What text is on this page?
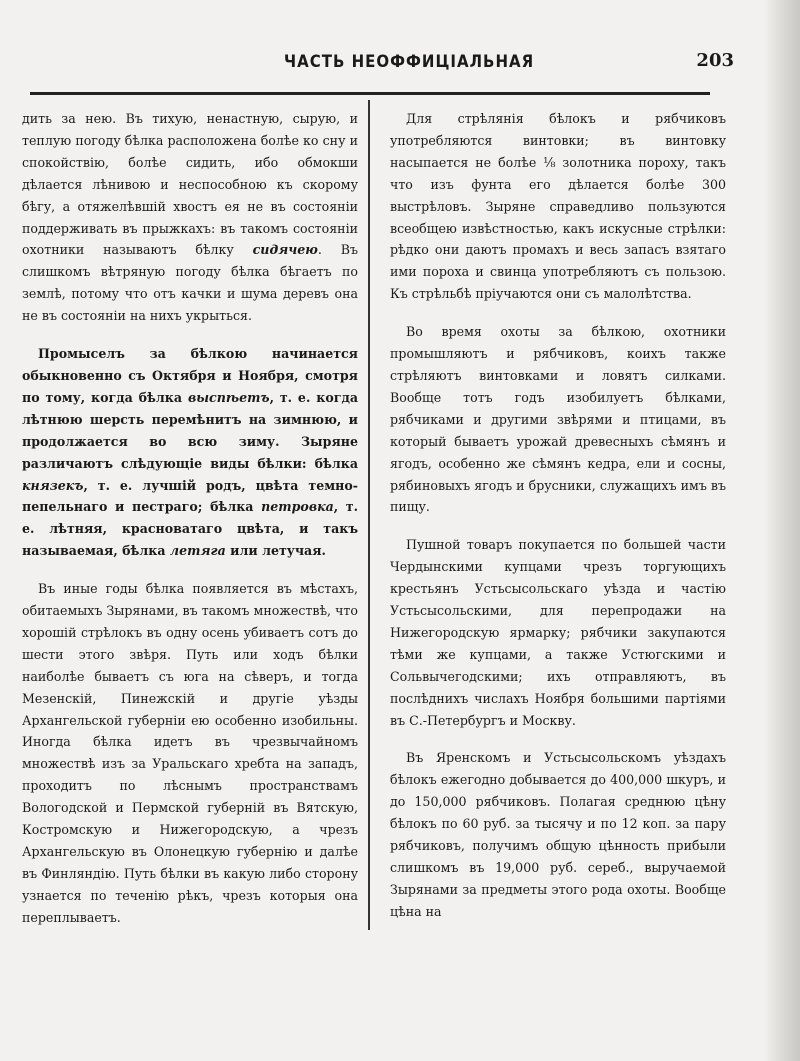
ЧАСТЬ НЕОФФИЦIАЛЬНАЯ	203

дить за нею. Въ тихую, ненастную, сырую, и теплую погоду бѣлка расположена болѣе ко сну и спокойствiю, болѣе сидить, ибо обмокши дѣлается лѣнивою и неспособною къ скорому бѣгу, а отяжелѣвшiй хвостъ ея не въ состоянiи поддерживать въ прыжкахъ: въ такомъ состоянiи охотники называютъ бѣлку сидячею. Въ слишкомъ вѣтряную погоду бѣлка бѣгаетъ по землѣ, потому что отъ качки и шума деревъ она не въ состоянiи на нихъ укрыться.

Промыселъ за бѣлкою начинается обыкновенно съ Октября и Ноября, смотря по тому, когда бѣлка выспѣетъ, т. е. когда лѣтнюю шерсть перемѣнитъ на зимнюю, и продолжается во всю зиму. Зыряне различаютъ слѣдующiе виды бѣлки: бѣлка князекъ, т. е. лучшiй родъ, цвѣта темно-пепельнаго и пестраго; бѣлка петровка, т. е. лѣтняя, красноватаго цвѣта, и такъ называемая, бѣлка летяга или летучая.

Въ иные годы бѣлка появляется въ мѣстахъ, обитаемыхъ Зырянами, въ такомъ множествѣ, что хорошiй стрѣлокъ въ одну осень убиваетъ сотъ до шести этого звѣря. Путь или ходъ бѣлки наиболѣе бываетъ съ юга на сѣверъ, и тогда Мезенскiй, Пинежскiй и другiе уѣзды Архангельской губернiи ею особенно изобильны. Иногда бѣлка идетъ въ чрезвычайномъ множествѣ изъ за Уральскаго хребта на западъ, проходитъ по лѣснымъ пространствамъ Вологодской и Пермской губернiй въ Вятскую, Костромскую и Нижегородскую, а чрезъ Архангельскую въ Олонецкую губернiю и далѣе въ Финляндiю. Путь бѣлки въ какую либо сторону узнается по теченiю рѣкъ, чрезъ которыя она переплываетъ.

Для стрѣлянiя бѣлокъ и рябчиковъ употребляются винтовки; въ винтовку насыпается не болѣе ⅛ золотника пороху, такъ что изъ фунта его дѣлается болѣе 300 выстрѣловъ. Зыряне справедливо пользуются всеобщею извѣстностью, какъ искусные стрѣлки: рѣдко они даютъ промахъ и весь запасъ взятаго ими пороха и свинца употребляютъ съ пользою. Къ стрѣльбѣ прiучаются они съ малолѣтства.

Во время охоты за бѣлкою, охотники промышляютъ и рябчиковъ, коихъ также стрѣляютъ винтовками и ловятъ силками. Вообще тотъ годъ изобилуетъ бѣлками, рябчиками и другими звѣрями и птицами, въ который бываетъ урожай древесныхъ сѣмянъ и ягодъ, особенно же сѣмянъ кедра, ели и сосны, рябиновыхъ ягодъ и брусники, служащихъ имъ въ пищу.

Пушной товаръ покупается по большей части Чердынскими купцами чрезъ торгующихъ крестьянъ Устьсысольскаго уѣзда и частiю Устьсысольскими, для перепродажи на Нижегородскую ярмарку; рябчики закупаются тѣми же купцами, а также Устюгскими и Сольвычегодскими; ихъ отправляютъ, въ послѣднихъ числахъ Ноября большими партiями въ С.-Петербургъ и Москву.

Въ Яренскомъ и Устьсысольскомъ уѣздахъ бѣлокъ ежегодно добывается до 400,000 шкуръ, и до 150,000 рябчиковъ. Полагая среднюю цѣну бѣлокъ по 60 руб. за тысячу и по 12 коп. за пару рябчиковъ, получимъ общую цѣнность прибыли слишкомъ въ 19,000 руб. сереб., выручаемой Зырянами за предметы этого рода охоты. Вообще цѣна на
